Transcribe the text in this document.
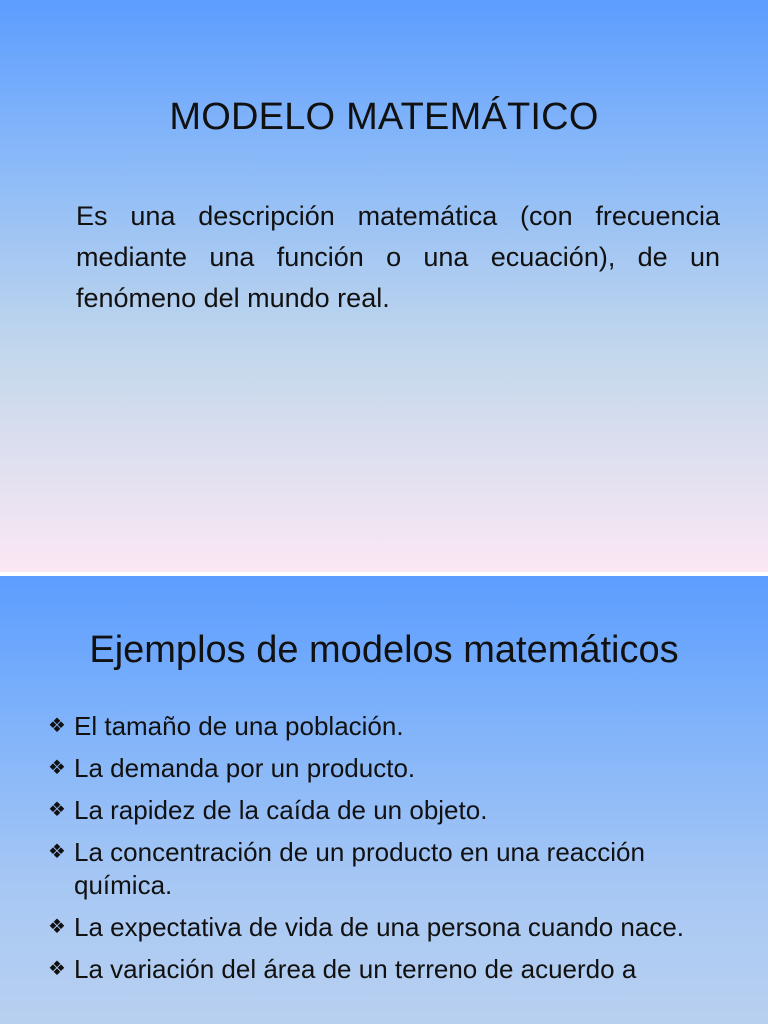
MODELO MATEMÁTICO
Es una descripción matemática (con frecuencia mediante una función o una ecuación), de un fenómeno del mundo real.
Ejemplos de modelos matemáticos
❖ El tamaño de una población.
❖ La demanda por un producto.
❖ La rapidez de la caída de un objeto.
❖ La concentración de un producto en una reacción química.
❖ La expectativa de vida de una persona cuando nace.
❖ La variación del área de un terreno de acuerdo a
